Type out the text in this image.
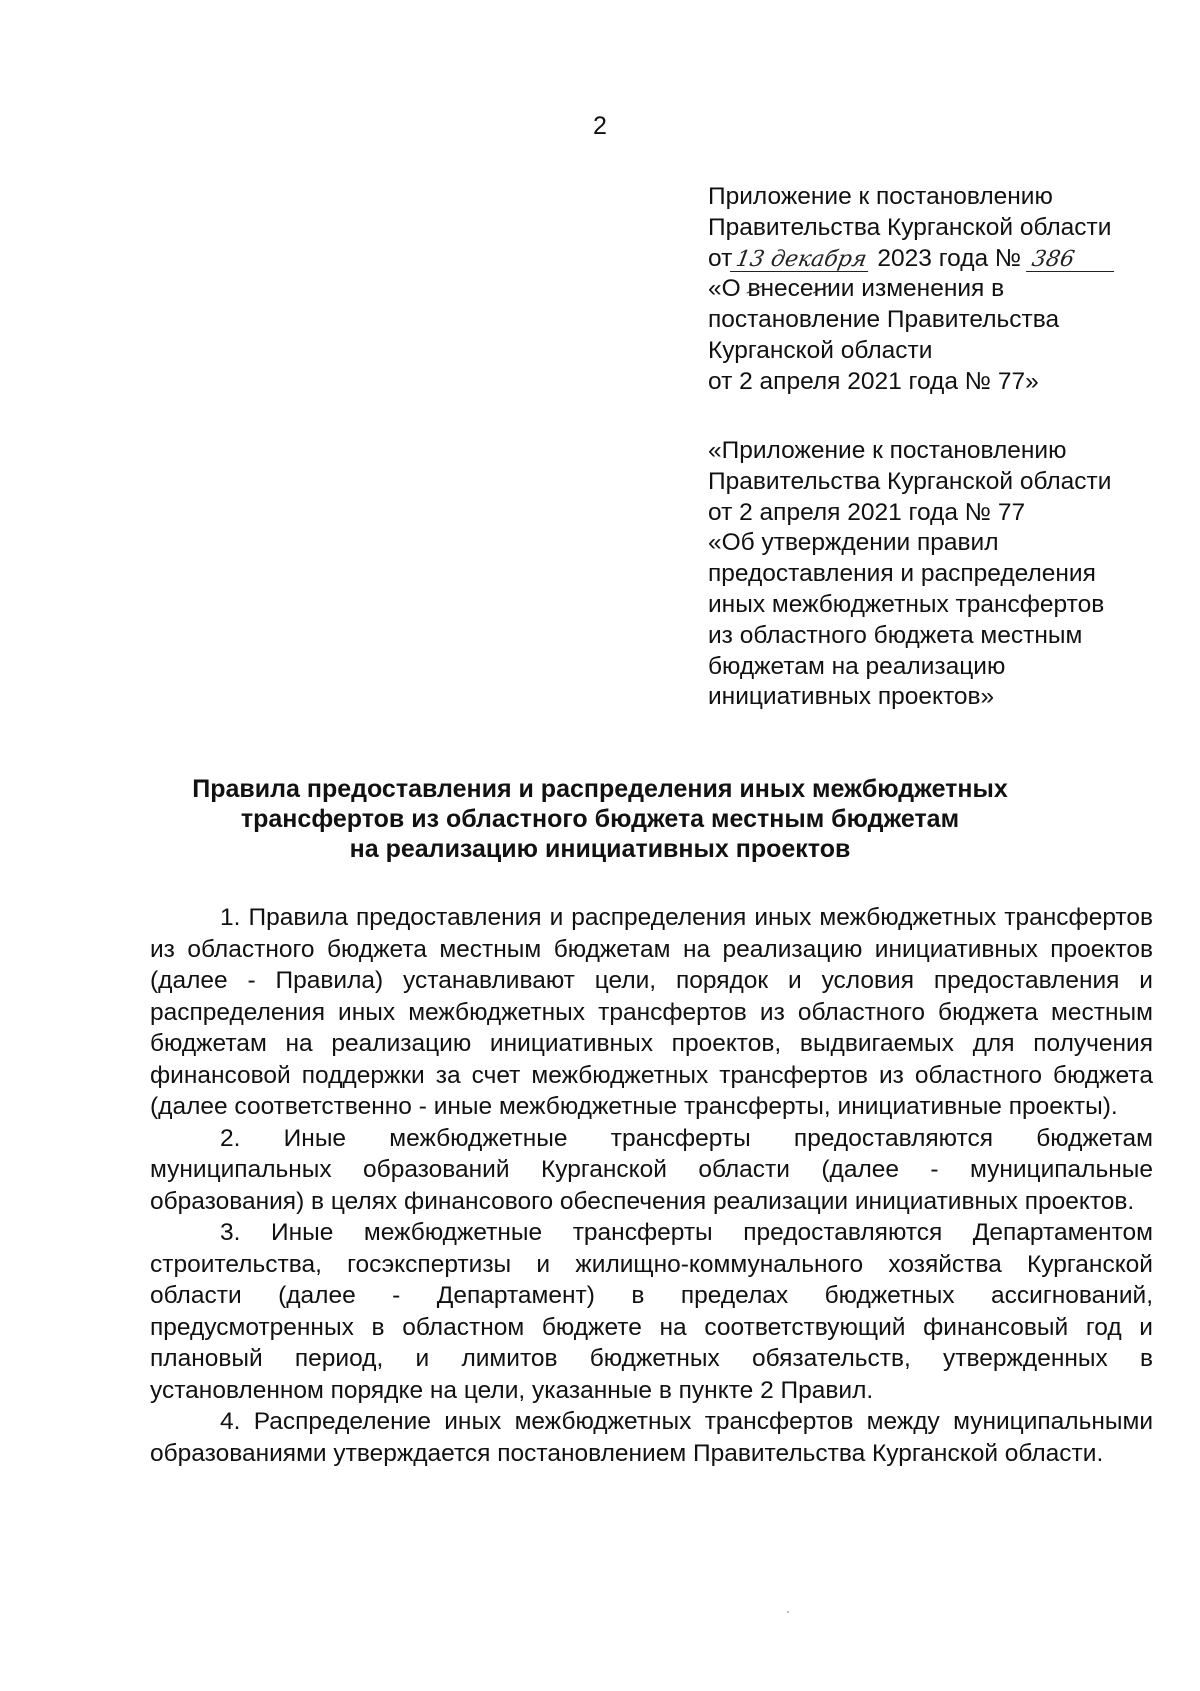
2
Приложение к постановлению
Правительства Курганской области
от13 декабря 2023 года № 386
«О внесении изменения в
постановление Правительства
Курганской области
от 2 апреля 2021 года № 77»
«Приложение к постановлению
Правительства Курганской области
от 2 апреля 2021 года № 77
«Об утверждении правил
предоставления и распределения
иных межбюджетных трансфертов
из областного бюджета местным
бюджетам на реализацию
инициативных проектов»
Правила предоставления и распределения иных межбюджетных
трансфертов из областного бюджета местным бюджетам
на реализацию инициативных проектов

1. Правила предоставления и распределения иных межбюджетных трансфертов из областного бюджета местным бюджетам на реализацию инициативных проектов (далее - Правила) устанавливают цели, порядок и условия предоставления и распределения иных межбюджетных трансфертов из областного бюджета местным бюджетам на реализацию инициативных проектов, выдвигаемых для получения финансовой поддержки за счет межбюджетных трансфертов из областного бюджета (далее соответственно - иные межбюджетные трансферты, инициативные проекты).

2. Иные межбюджетные трансферты предоставляются бюджетам муниципальных образований Курганской области (далее - муниципальные образования) в целях финансового обеспечения реализации инициативных проектов.

3. Иные межбюджетные трансферты предоставляются Департаментом строительства, госэкспертизы и жилищно-коммунального хозяйства Курганской области (далее - Департамент) в пределах бюджетных ассигнований, предусмотренных в областном бюджете на соответствующий финансовый год и плановый период, и лимитов бюджетных обязательств, утвержденных в установленном порядке на цели, указанные в пункте 2 Правил.

4. Распределение иных межбюджетных трансфертов между муниципальными образованиями утверждается постановлением Правительства Курганской области.
